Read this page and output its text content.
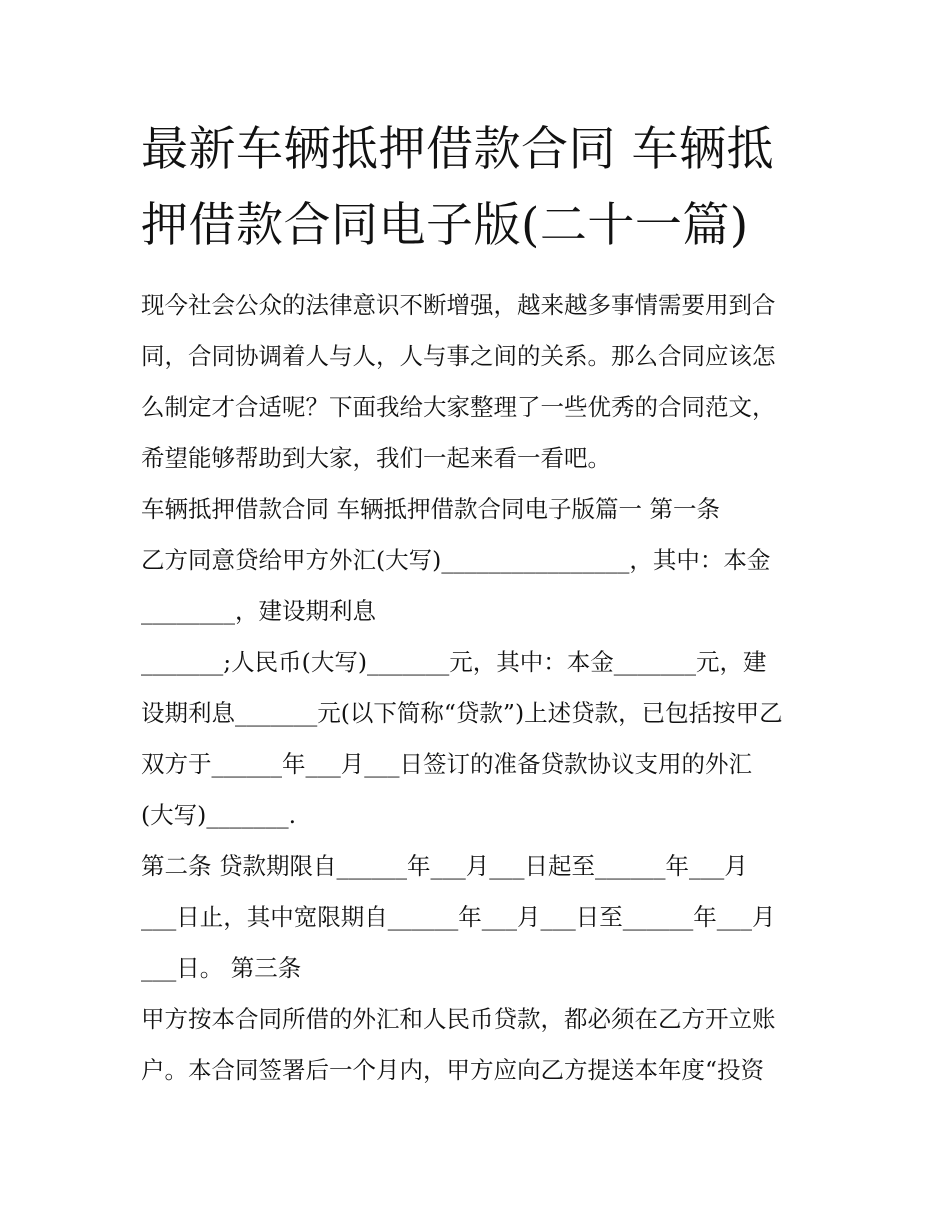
最新车辆抵押借款合同 车辆抵
押借款合同电子版(二十一篇)
现今社会公众的法律意识不断增强，越来越多事情需要用到合
同，合同协调着人与人，人与事之间的关系。那么合同应该怎
么制定才合适呢？下面我给大家整理了一些优秀的合同范文，
希望能够帮助到大家，我们一起来看一看吧。
车辆抵押借款合同 车辆抵押借款合同电子版篇一 第一条
乙方同意贷给甲方外汇(大写)________________，其中：本金
________，建设期利息
_______;人民币(大写)_______元，其中：本金_______元，建
设期利息_______元(以下简称“贷款”)上述贷款，已包括按甲乙
双方于______年___月___日签订的准备贷款协议支用的外汇
(大写)_______.
第二条 贷款期限自______年___月___日起至______年___月
___日止，其中宽限期自______年___月___日至______年___月
___日。 第三条
甲方按本合同所借的外汇和人民币贷款，都必须在乙方开立账
户。本合同签署后一个月内，甲方应向乙方提送本年度“投资
